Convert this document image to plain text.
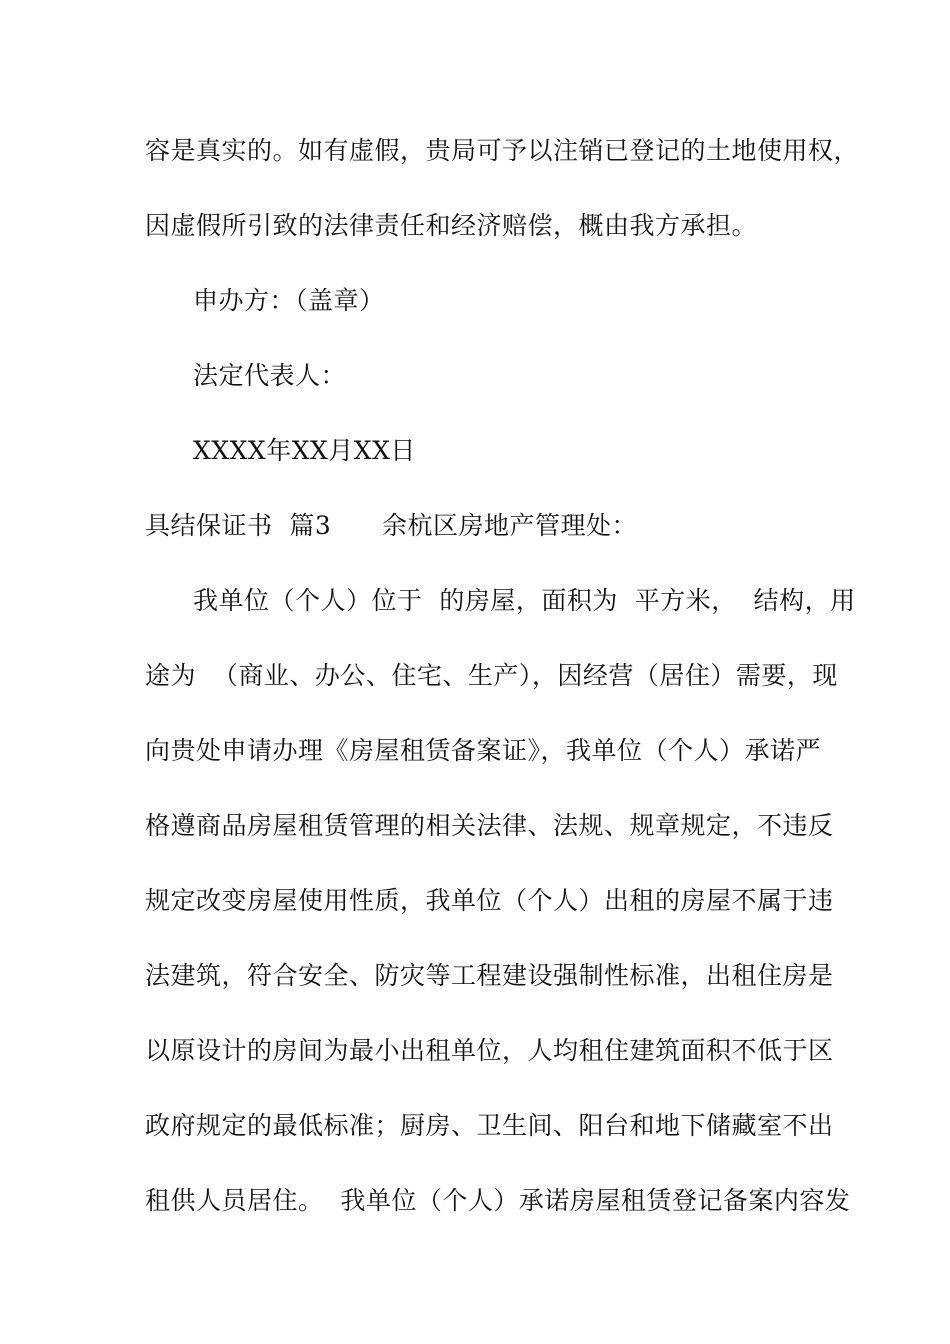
容是真实的。如有虚假，贵局可予以注销已登记的土地使用权，
因虚假所引致的法律责任和经济赔偿，概由我方承担。
申办方：（盖章）
法定代表人：
XXXX年XX月XX日
具结保证书  篇3      余杭区房地产管理处：
我单位（个人）位于  的房屋，面积为  平方米，  结构，用
途为  （商业、办公、住宅、生产），因经营（居住）需要，现
向贵处申请办理《房屋租赁备案证》，我单位（个人）承诺严
格遵商品房屋租赁管理的相关法律、法规、规章规定，不违反
规定改变房屋使用性质，我单位（个人）出租的房屋不属于违
法建筑，符合安全、防灾等工程建设强制性标准，出租住房是
以原设计的房间为最小出租单位，人均租住建筑面积不低于区
政府规定的最低标准；厨房、卫生间、阳台和地下储藏室不出
租供人员居住。  我单位（个人）承诺房屋租赁登记备案内容发
